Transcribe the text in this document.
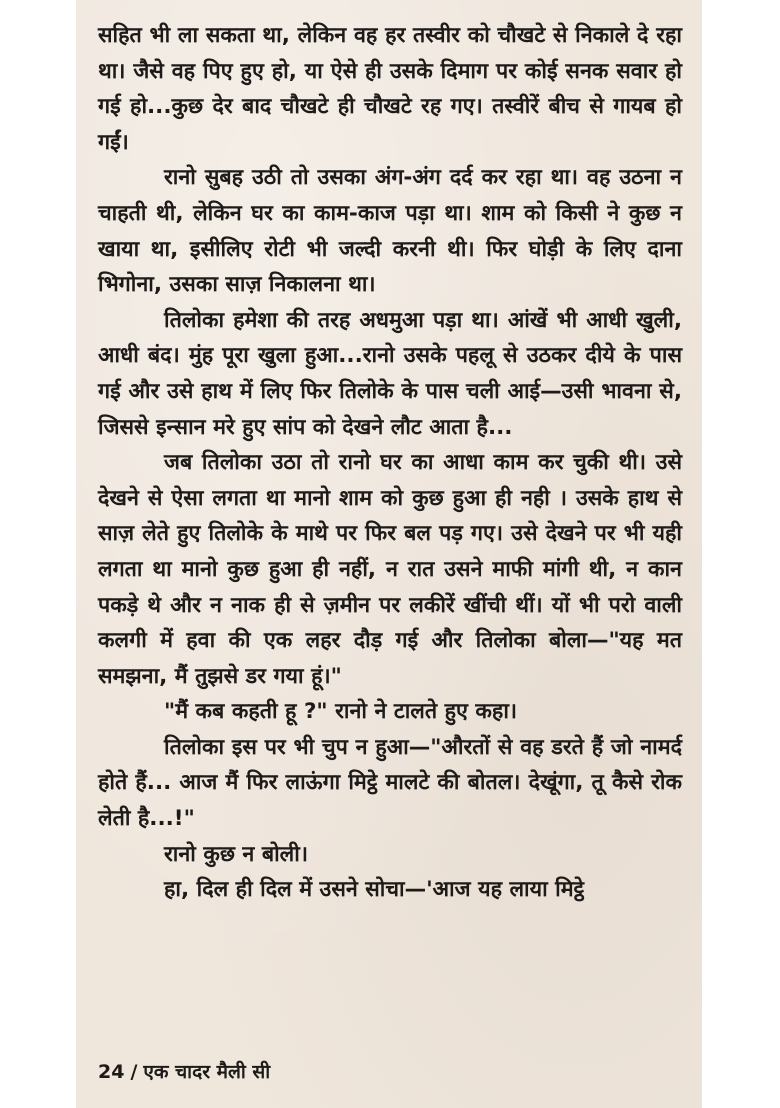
सहित भी ला सकता था, लेकिन वह हर तस्वीर को चौखटे से निकाले दे रहा था। जैसे वह पिए हुए हो, या ऐसे ही उसके दिमाग पर कोई सनक सवार हो गई हो...कुछ देर बाद चौखटे ही चौखटे रह गए। तस्वीरें बीच से गायब हो गईं।

रानो सुबह उठी तो उसका अंग-अंग दर्द कर रहा था। वह उठना न चाहती थी, लेकिन घर का काम-काज पड़ा था। शाम को किसी ने कुछ न खाया था, इसीलिए रोटी भी जल्दी करनी थी। फिर घोड़ी के लिए दाना भिगोना, उसका साज़ निकालना था।

तिलोका हमेशा की तरह अधमुआ पड़ा था। आंखें भी आधी खुली, आधी बंद। मुंह पूरा खुला हुआ...रानो उसके पहलू से उठकर दीये के पास गई और उसे हाथ में लिए फिर तिलोके के पास चली आई—उसी भावना से, जिससे इन्सान मरे हुए सांप को देखने लौट आता है...

जब तिलोका उठा तो रानो घर का आधा काम कर चुकी थी। उसे देखने से ऐसा लगता था मानो शाम को कुछ हुआ ही नही । उसके हाथ से साज़ लेते हुए तिलोके के माथे पर फिर बल पड़ गए। उसे देखने पर भी यही लगता था मानो कुछ हुआ ही नहीं, न रात उसने माफी मांगी थी, न कान पकड़े थे और न नाक ही से ज़मीन पर लकीरें खींची थीं। यों भी परो वाली कलगी में हवा की एक लहर दौड़ गई और तिलोका बोला—"यह मत समझना, मैं तुझसे डर गया हूं।"

"मैं कब कहती हू ?" रानो ने टालते हुए कहा।

तिलोका इस पर भी चुप न हुआ—"औरतों से वह डरते हैं जो नामर्द होते हैं... आज मैं फिर लाऊंगा मिट्ठे मालटे की बोतल। देखूंगा, तू कैसे रोक लेती है...!"

रानो कुछ न बोली।

हा, दिल ही दिल में उसने सोचा—'आज यह लाया मिट्ठे

24 / एक चादर मैली सी
